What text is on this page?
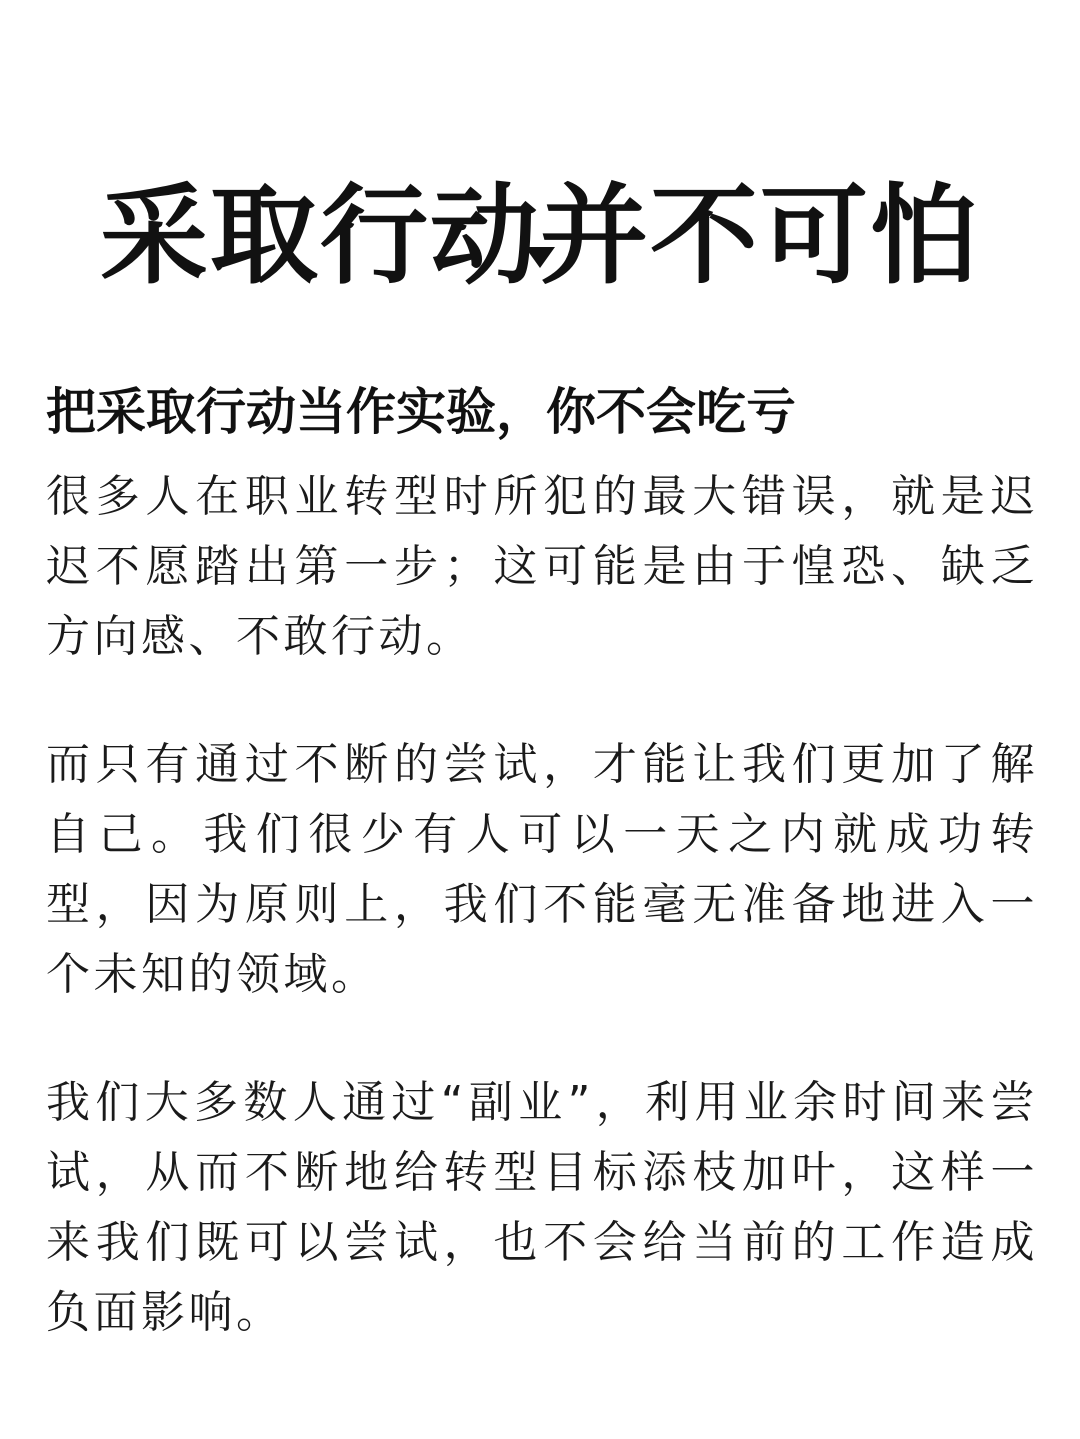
采取行动并不可怕
把采取行动当作实验，你不会吃亏

很多人在职业转型时所犯的最大错误，就是迟迟不愿踏出第一步；这可能是由于惶恐、缺乏方向感、不敢行动。

而只有通过不断的尝试，才能让我们更加了解自己。我们很少有人可以一天之内就成功转型，因为原则上，我们不能毫无准备地进入一个未知的领域。

我们大多数人通过“副业”，利用业余时间来尝试，从而不断地给转型目标添枝加叶，这样一来我们既可以尝试，也不会给当前的工作造成负面影响。
